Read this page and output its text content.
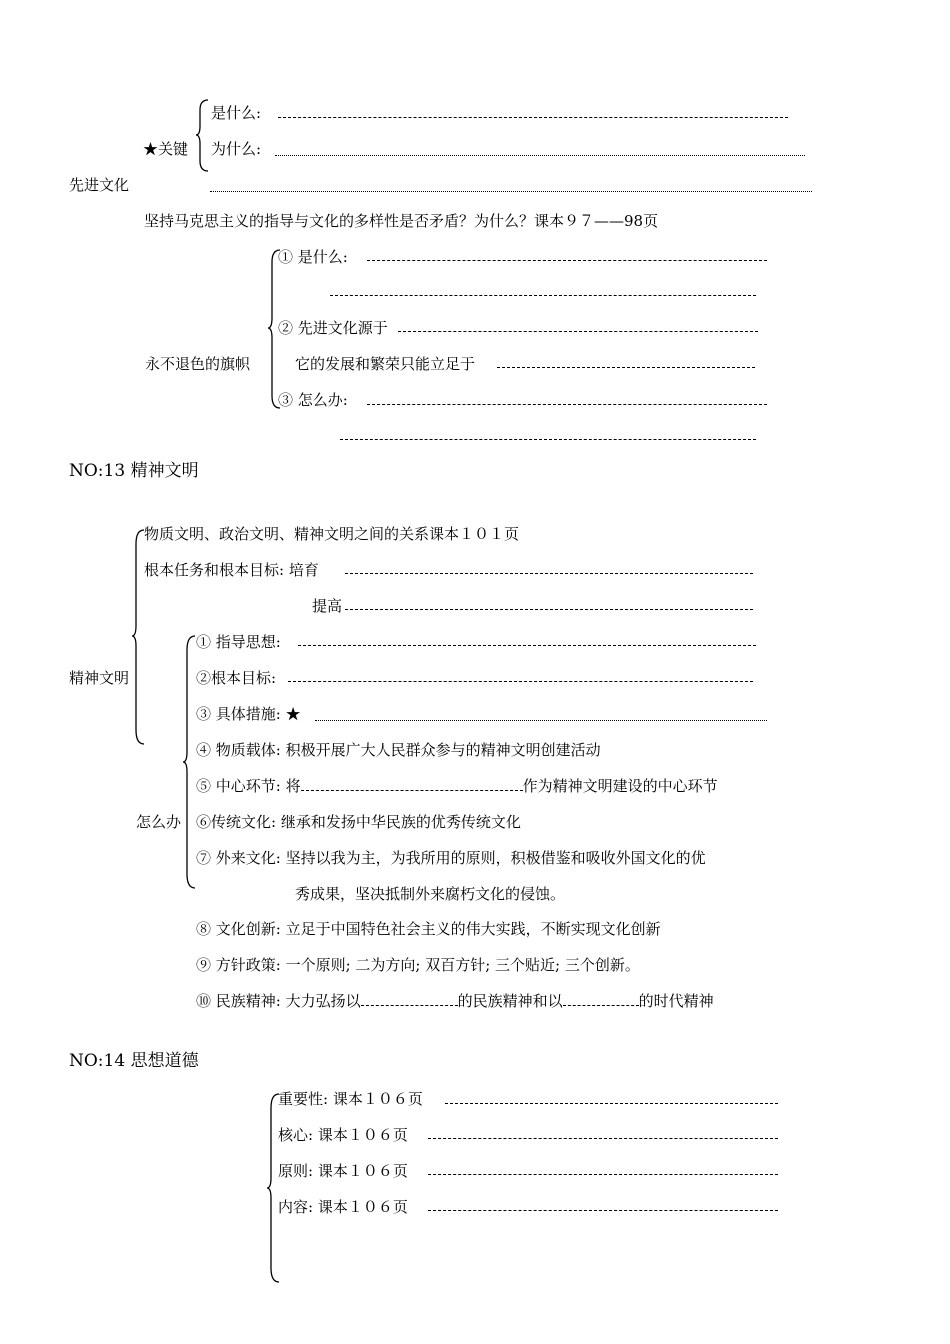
是什么:
★关键 为什么:
先进文化
坚持马克思主义的指导与文化的多样性是否矛盾？为什么？课本９７——98页
① 是什么:
② 先进文化源于
永不退色的旗帜	它的发展和繁荣只能立足于
③ 怎么办:
NO:13 精神文明
物质文明、政治文明、精神文明之间的关系课本１０１页
根本任务和根本目标: 培育
提高
① 指导思想:
精神文明	②根本目标:
③ 具体措施: ★
④ 物质载体: 积极开展广大人民群众参与的精神文明创建活动
⑤ 中心环节: 将	作为精神文明建设的中心环节
怎么办 ⑥传统文化: 继承和发扬中华民族的优秀传统文化
⑦ 外来文化: 坚持以我为主，为我所用的原则，积极借鉴和吸收外国文化的优
秀成果，坚决抵制外来腐朽文化的侵蚀。
⑧ 文化创新: 立足于中国特色社会主义的伟大实践，不断实现文化创新
⑨ 方针政策: 一个原则; 二为方向; 双百方针; 三个贴近; 三个创新。
⑩ 民族精神: 大力弘扬以	的民族精神和以	的时代精神
NO:14 思想道德
重要性: 课本１０６页
核心: 课本１０６页
原则: 课本１０６页
内容: 课本１０６页
